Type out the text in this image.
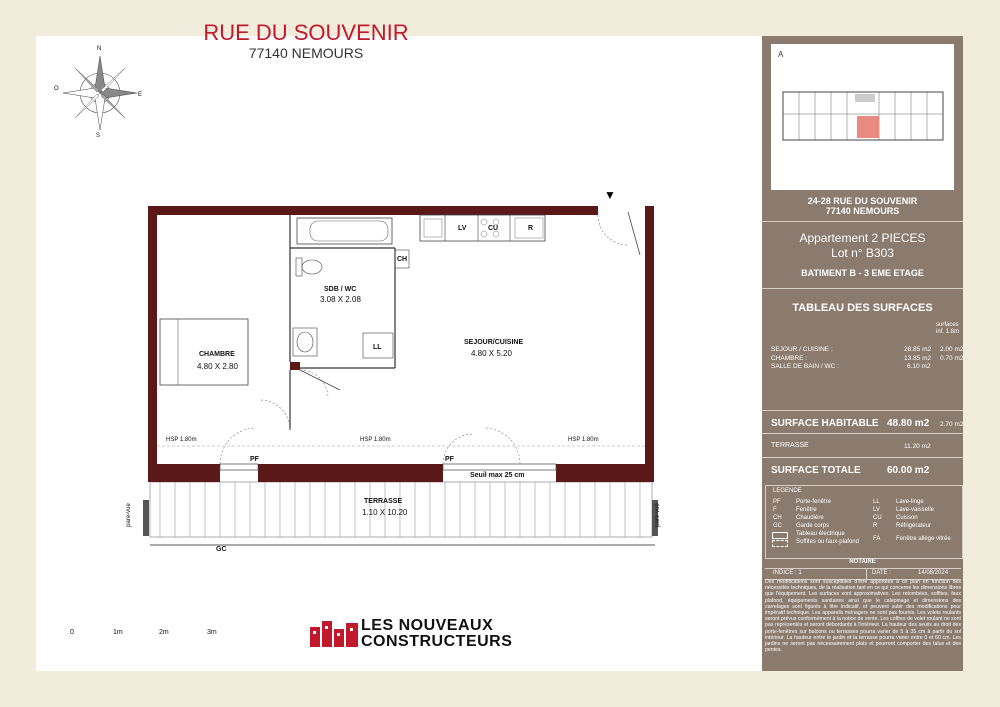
RUE DU SOUVENIR
77140 NEMOURS
N
S
E
O
▼
CHAMBRE
4.80 X 2.80
SDB / WC
3.08 X 2.08
SEJOUR/CUISINE
4.80 X 5.20
TERRASSE
1.10 X 10.20
LV	CU	R
CH
LL
PF	PF
HSP 1.80m	HSP 1.80m	HSP 1.80m
Seuil max 25 cm
pare-vue	pare-vue
GC
0	1m	2m	3m	LES NOUVEAUX
CONSTRUCTEURS
A
24-28 RUE DU SOUVENIR
77140 NEMOURS
Appartement 2 PIECES
Lot n° B303
BATIMENT B - 3 EME ETAGE
TABLEAU DES SURFACES
surfaces
inf. 1.8m
SEJOUR / CUISINE :	28.85 m2 2.00 m2
CHAMBRE :	13.85 m2 0.70 m2
SALLE DE BAIN / WC :	6.10 m2
SURFACE HABITABLE 48.80 m2 2.70 m2
TERRASSE	11.20 m2
SURFACE TOTALE	60.00 m2
LEGENDE
PF	Porte-fenêtre
F	Fenêtre
CH Chaudière
GC Garde corps
Tableau électrique
Soffites ou faux-plafond
LL	Lave-linge
LV	Lave-vaisselle
CU Cuisson
R	Réfrigérateur
FA	Fenêtre allège vitrée
NOTAIRE
INDICE : 1	DATE :	14/08/2024
Des modifications sont susceptibles d'être apportées à ce plan en fonction des nécessités techniques, de la réalisation tant en ce qui concerne les dimensions libres que l'équipement. Les surfaces sont approximatives. Les retombées, soffites, faux plafond, équipements sanitaires ainsi que le calepinage et dimensions des carrelages sont figurés à titre indicatif, et peuvent subir des modifications pour impératif technique. Les appareils ménagers ne sont pas fournis. Les volets roulants seront prévus conformément à la notice de vente. Les coffres de volet roulant ne sont pas représentés et seront débordants à l'intérieur. La hauteur des seuils au droit des porte-fenêtres sur balcons ou terrasses pourra varier de 5 à 35 cm à partir du sol intérieur. La hauteur entre le jardin et la terrasse pourra varier entre 0 et 60 cm. Les jardins ne seront pas nécessairement plats et pourront comporter des talus et des pentes.
